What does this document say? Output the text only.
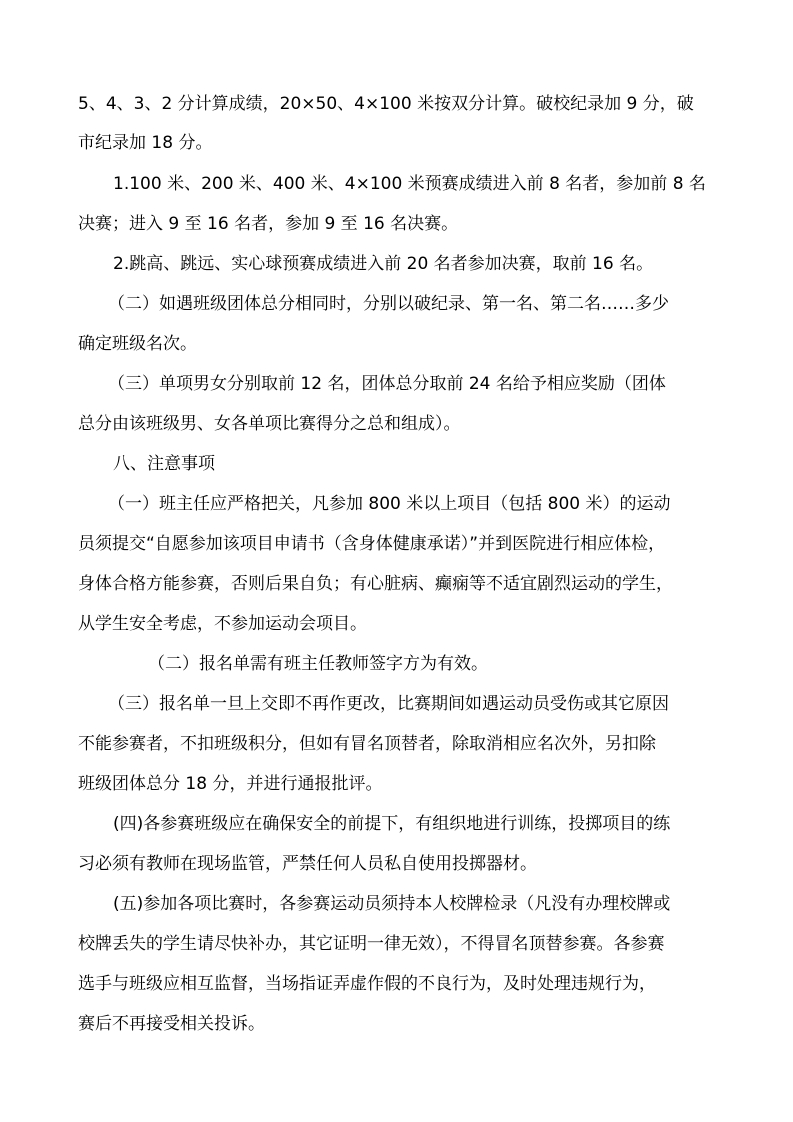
5、4、3、2 分计算成绩，20×50、4×100 米按双分计算。破校纪录加 9 分，破
市纪录加 18 分。
1.100 米、200 米、400 米、4×100 米预赛成绩进入前 8 名者，参加前 8 名
决赛；进入 9 至 16 名者，参加 9 至 16 名决赛。
2.跳高、跳远、实心球预赛成绩进入前 20 名者参加决赛，取前 16 名。
（二）如遇班级团体总分相同时，分别以破纪录、第一名、第二名……多少
确定班级名次。
（三）单项男女分别取前 12 名，团体总分取前 24 名给予相应奖励（团体
总分由该班级男、女各单项比赛得分之总和组成）。
八、注意事项
（一）班主任应严格把关，凡参加 800 米以上项目（包括 800 米）的运动
员须提交“自愿参加该项目申请书（含身体健康承诺）”并到医院进行相应体检，
身体合格方能参赛，否则后果自负；有心脏病、癫痫等不适宜剧烈运动的学生，
从学生安全考虑，不参加运动会项目。
（二）报名单需有班主任教师签字方为有效。
（三）报名单一旦上交即不再作更改，比赛期间如遇运动员受伤或其它原因
不能参赛者，不扣班级积分，但如有冒名顶替者，除取消相应名次外，另扣除
班级团体总分 18 分，并进行通报批评。
(四)各参赛班级应在确保安全的前提下，有组织地进行训练，投掷项目的练
习必须有教师在现场监管，严禁任何人员私自使用投掷器材。
(五)参加各项比赛时，各参赛运动员须持本人校牌检录（凡没有办理校牌或
校牌丢失的学生请尽快补办，其它证明一律无效），不得冒名顶替参赛。各参赛
选手与班级应相互监督，当场指证弄虚作假的不良行为，及时处理违规行为，
赛后不再接受相关投诉。
